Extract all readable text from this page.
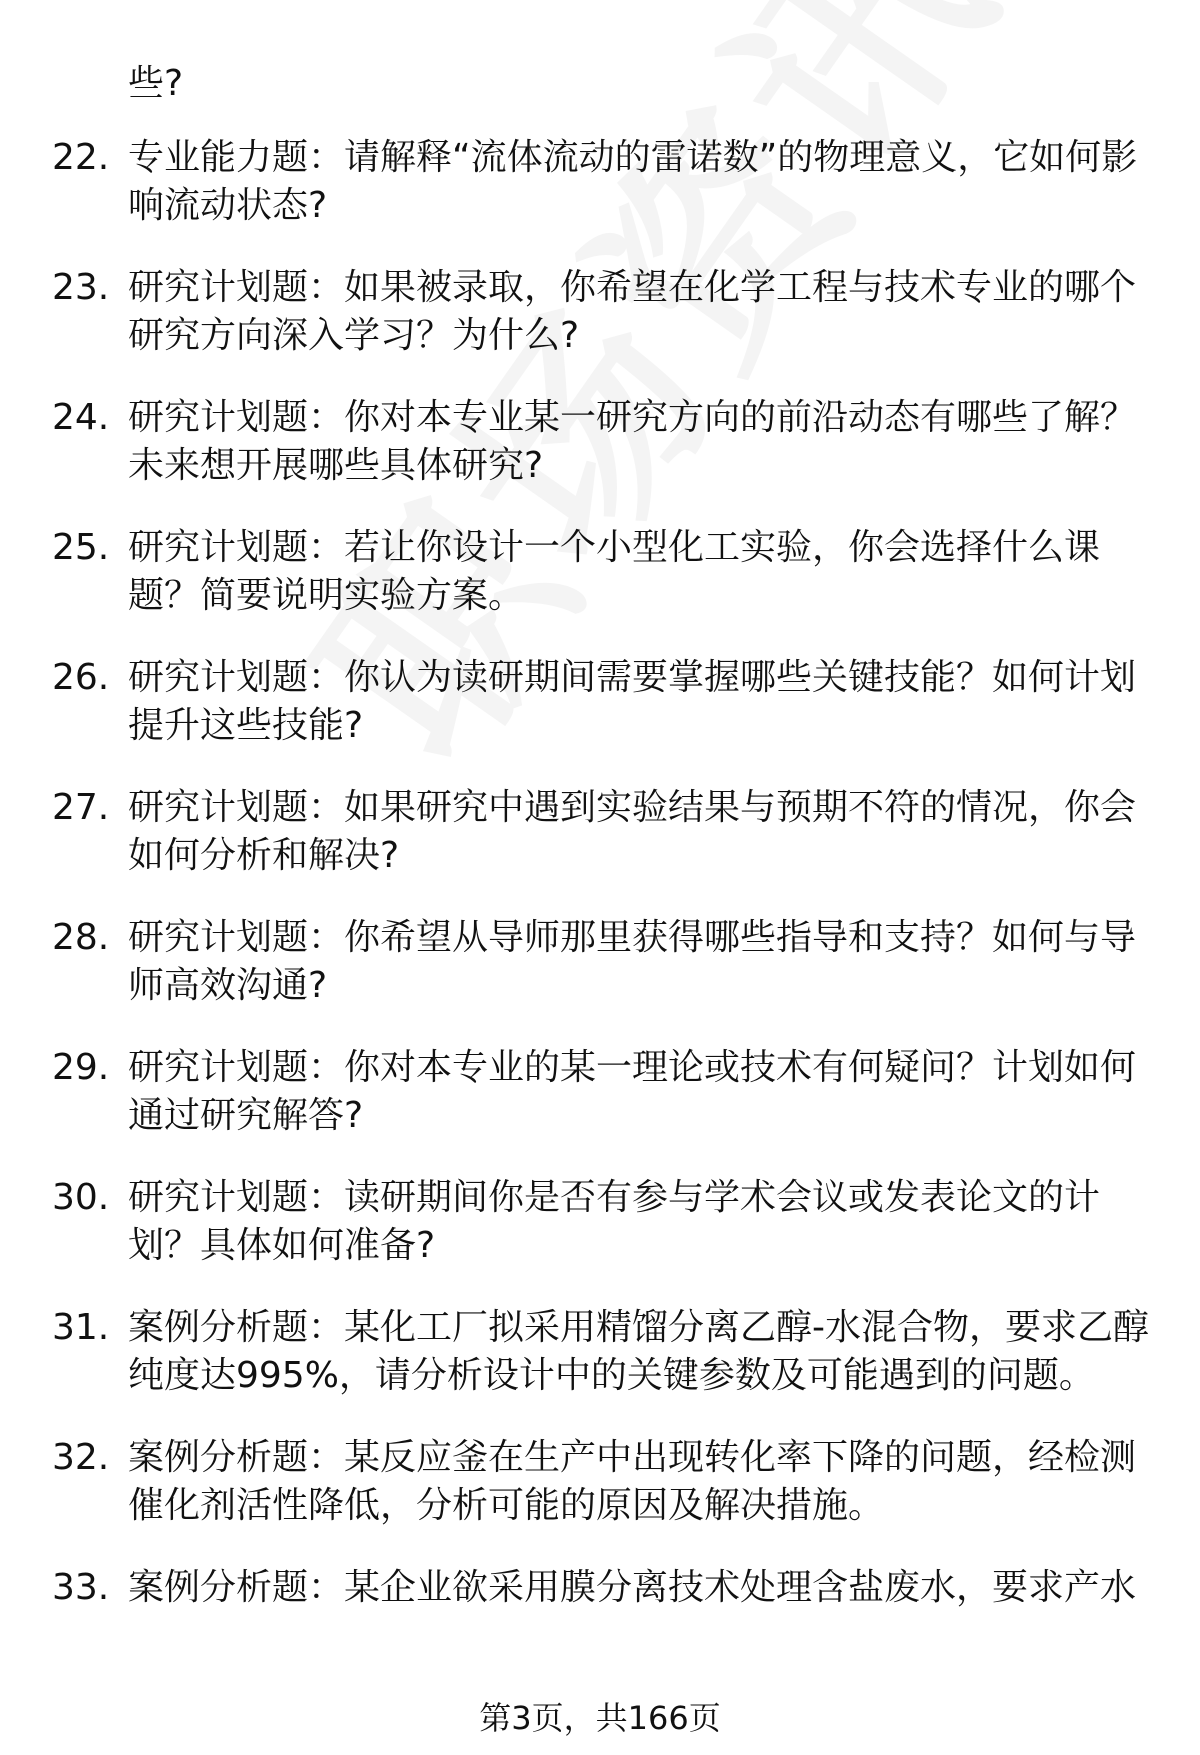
些?
22. 专业能力题：请解释“流体流动的雷诺数”的物理意义，它如何影响流动状态?
23. 研究计划题：如果被录取，你希望在化学工程与技术专业的哪个研究方向深入学习？为什么?
24. 研究计划题：你对本专业某一研究方向的前沿动态有哪些了解？未来想开展哪些具体研究?
25. 研究计划题：若让你设计一个小型化工实验，你会选择什么课题？简要说明实验方案。
26. 研究计划题：你认为读研期间需要掌握哪些关键技能？如何计划提升这些技能?
27. 研究计划题：如果研究中遇到实验结果与预期不符的情况，你会如何分析和解决?
28. 研究计划题：你希望从导师那里获得哪些指导和支持？如何与导师高效沟通?
29. 研究计划题：你对本专业的某一理论或技术有何疑问？计划如何通过研究解答?
30. 研究计划题：读研期间你是否有参与学术会议或发表论文的计划？具体如何准备?
31. 案例分析题：某化工厂拟采用精馏分离乙醇-水混合物，要求乙醇纯度达995%，请分析设计中的关键参数及可能遇到的问题。
32. 案例分析题：某反应釜在生产中出现转化率下降的问题，经检测催化剂活性降低，分析可能的原因及解决措施。
33. 案例分析题：某企业欲采用膜分离技术处理含盐废水，要求产水
第3页，共166页
